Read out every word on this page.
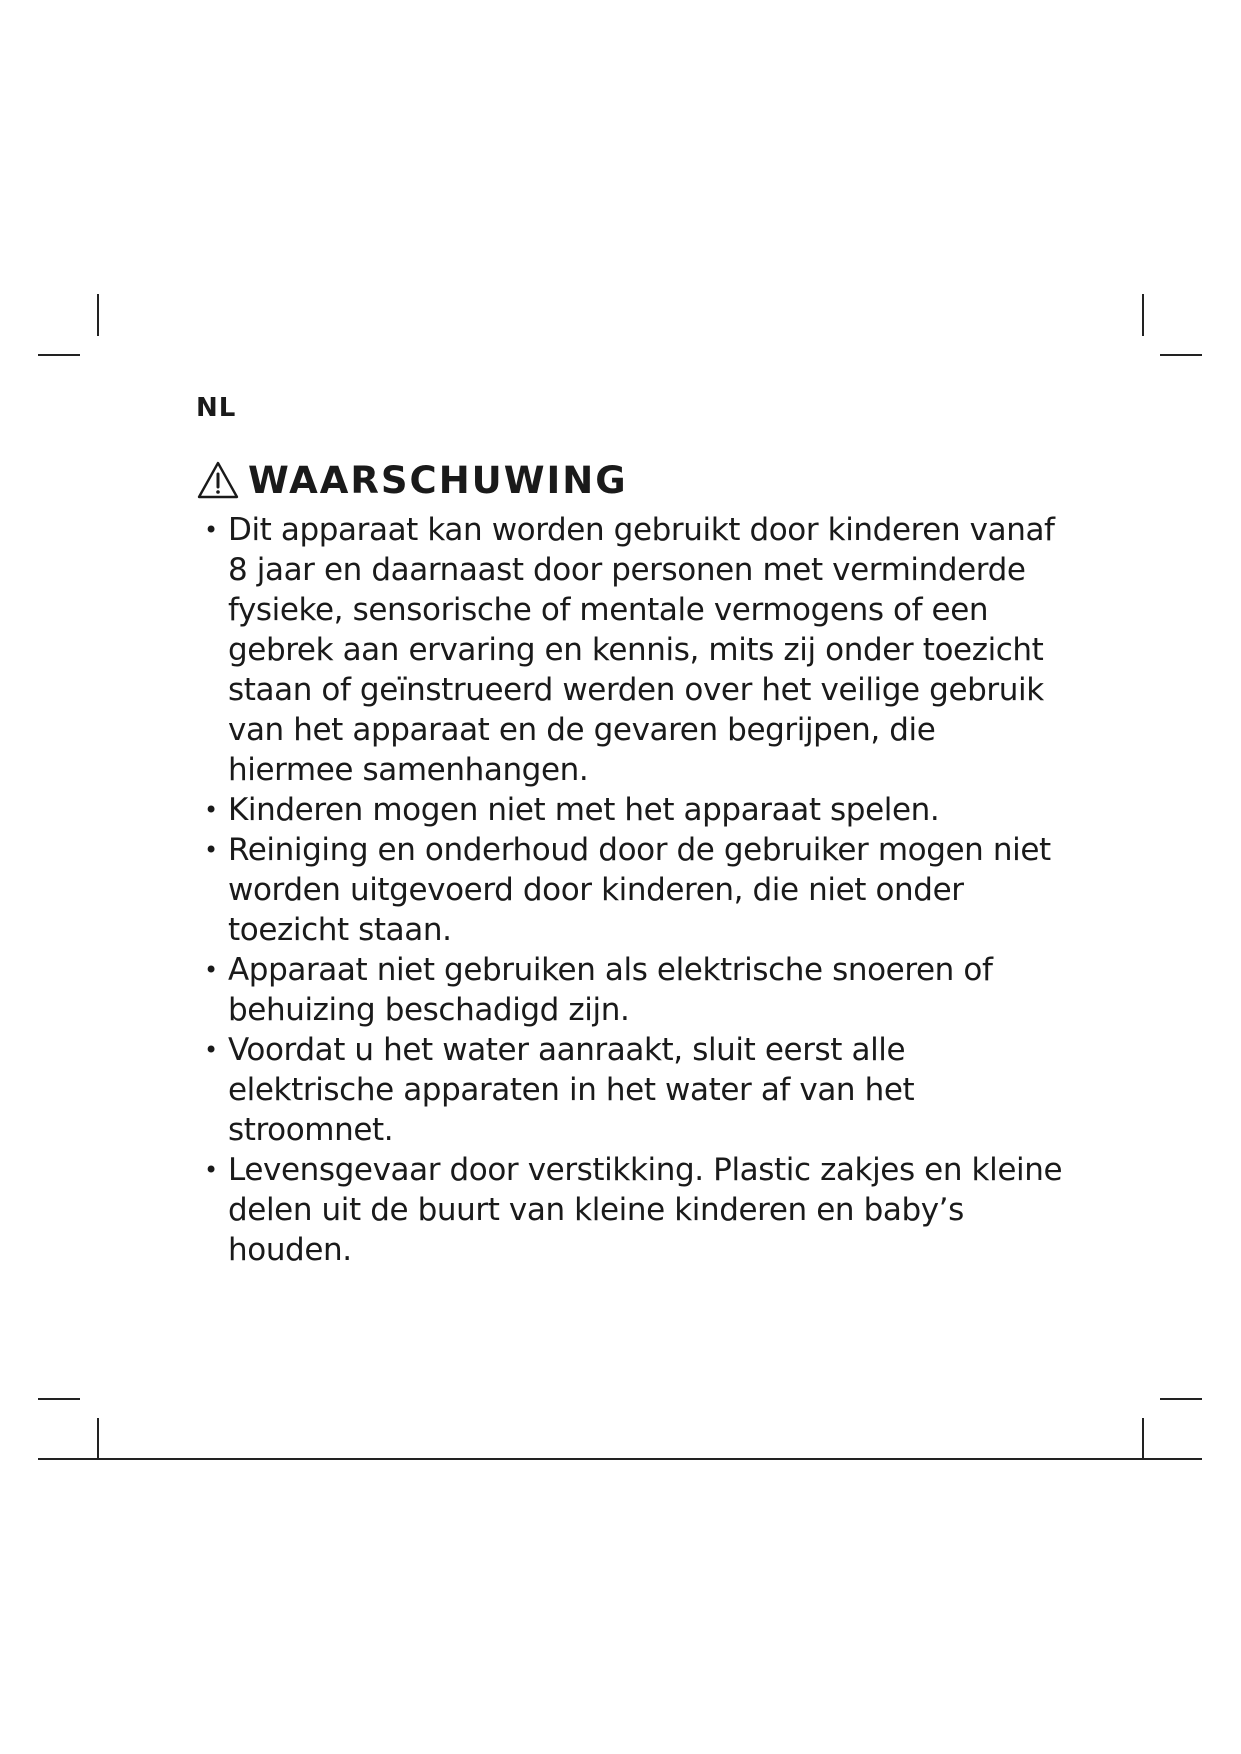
NL

WAARSCHUWING
• Dit apparaat kan worden gebruikt door kinderen vanaf 8 jaar en daarnaast door personen met verminderde fysieke, sensorische of mentale vermogens of een gebrek aan ervaring en kennis, mits zij onder toezicht staan of geïnstrueerd werden over het veilige gebruik van het apparaat en de gevaren begrijpen, die hiermee samenhangen.
• Kinderen mogen niet met het apparaat spelen.
• Reiniging en onderhoud door de gebruiker mogen niet worden uitgevoerd door kinderen, die niet onder toezicht staan.
• Apparaat niet gebruiken als elektrische snoeren of behuizing beschadigd zijn.
• Voordat u het water aanraakt, sluit eerst alle elektrische apparaten in het water af van het stroomnet.
• Levensgevaar door verstikking. Plastic zakjes en kleine delen uit de buurt van kleine kinderen en baby’s houden.
